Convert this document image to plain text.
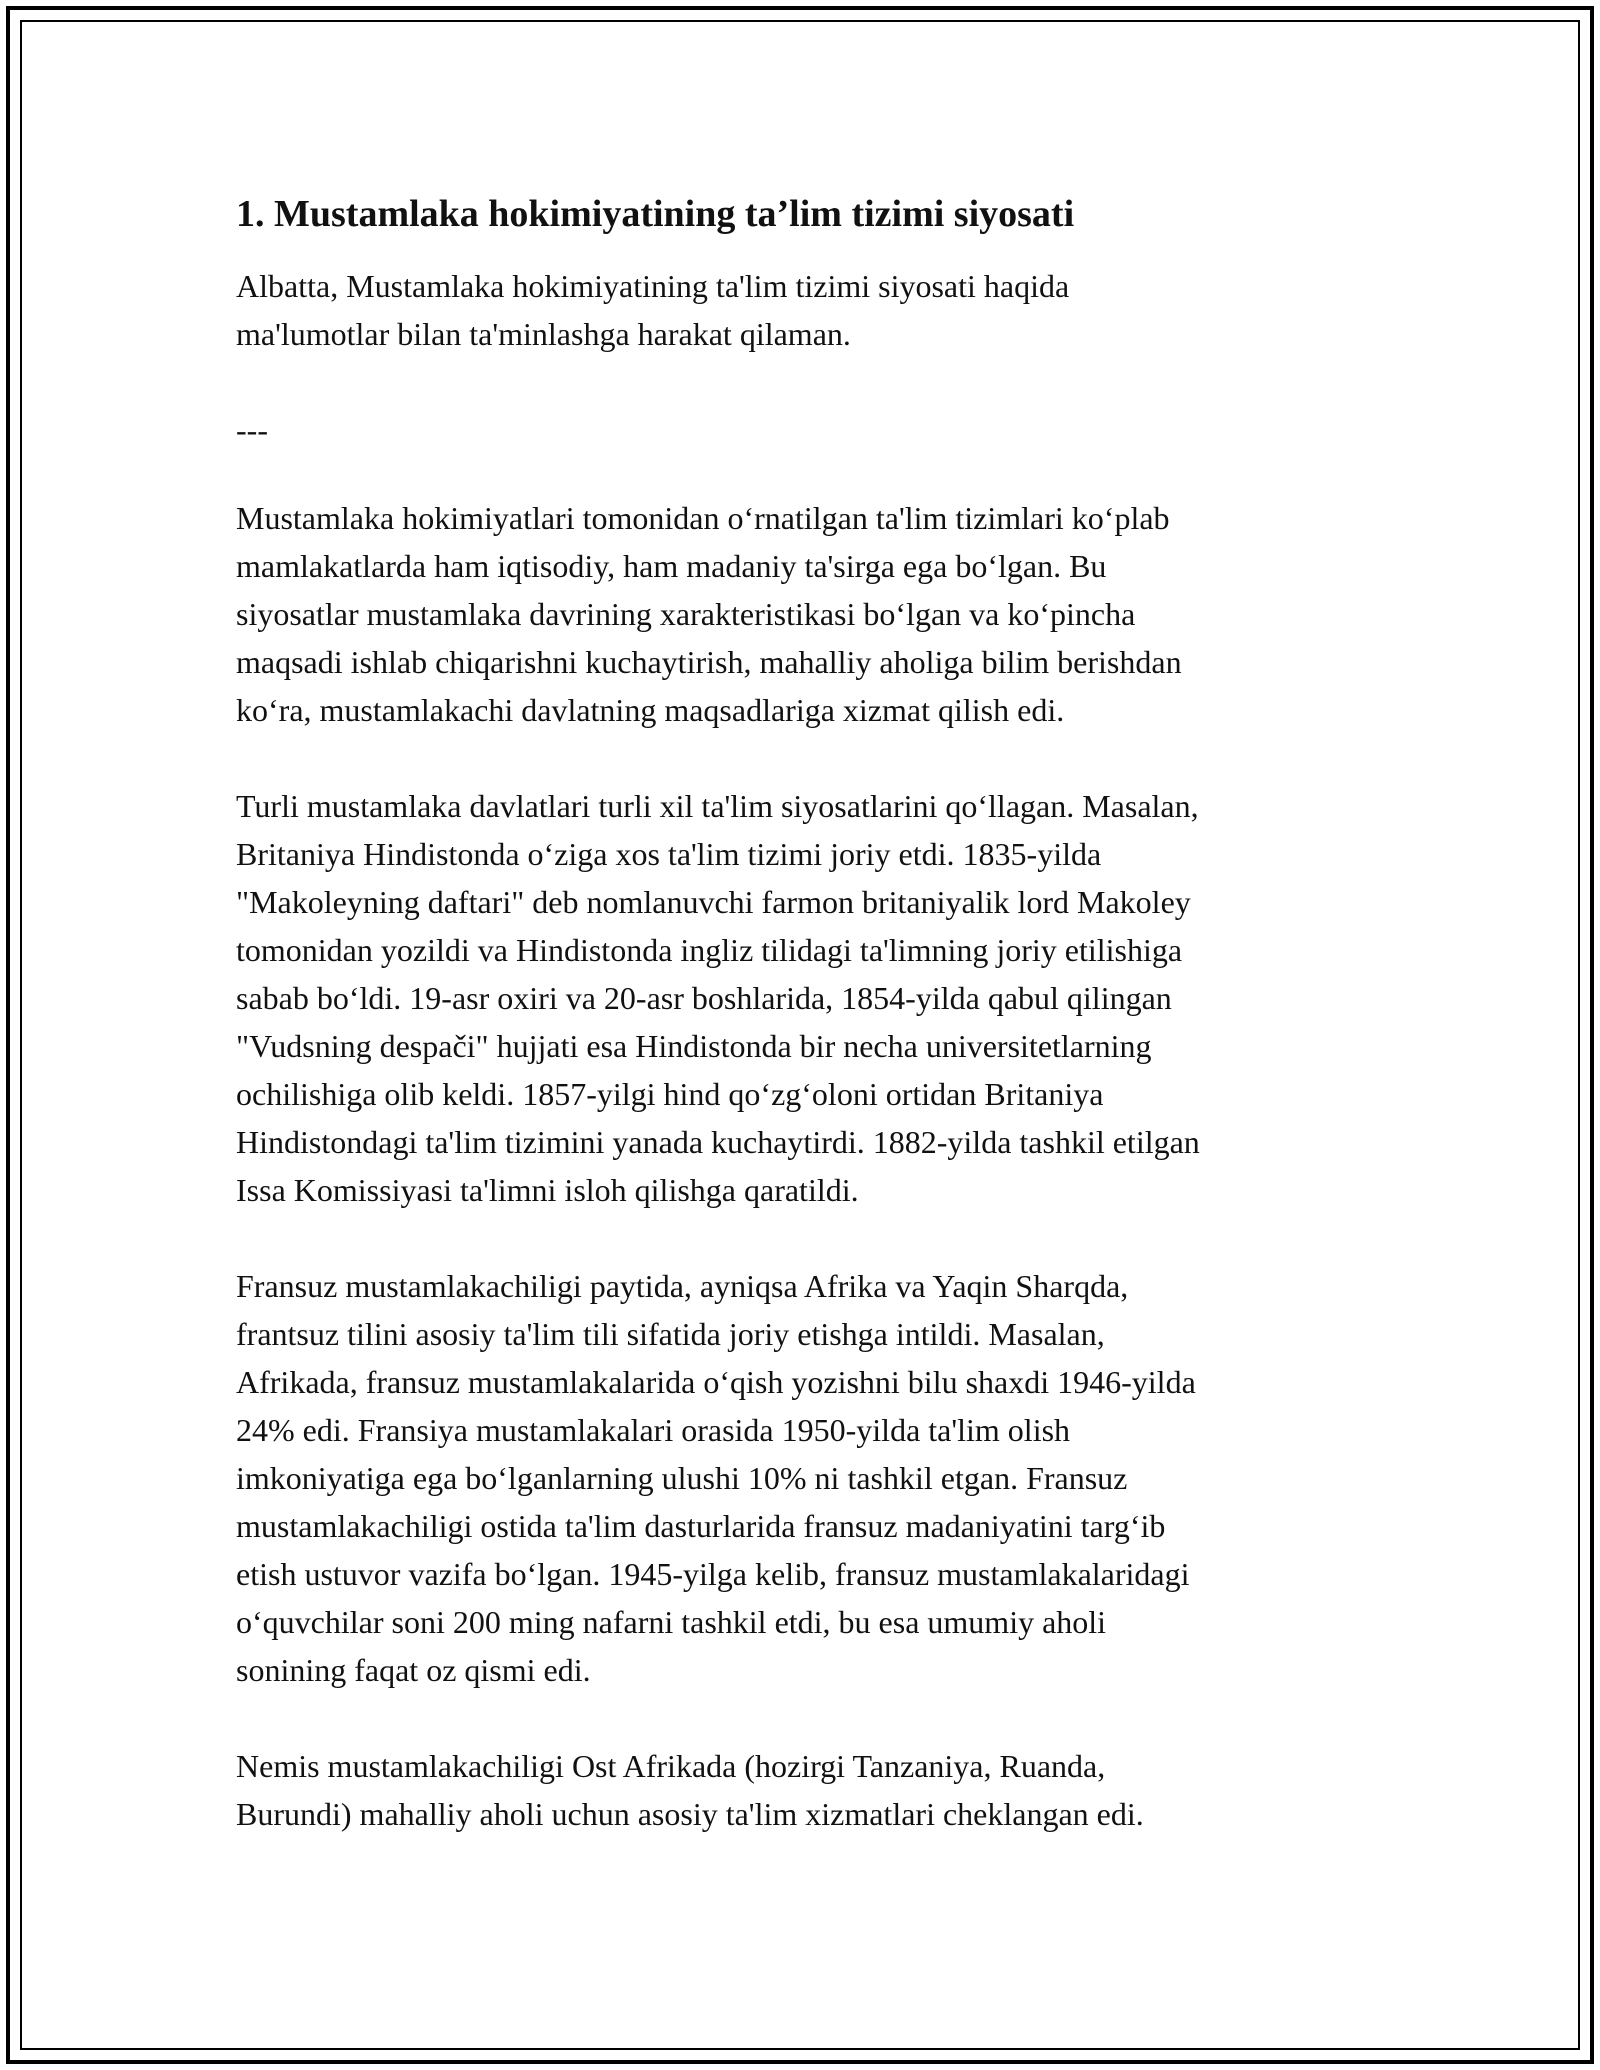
1. Mustamlaka hokimiyatining ta’lim tizimi siyosati

Albatta, Mustamlaka hokimiyatining ta'lim tizimi siyosati haqida
ma'lumotlar bilan ta'minlashga harakat qilaman.

---

Mustamlaka hokimiyatlari tomonidan oʻrnatilgan ta'lim tizimlari koʻplab
mamlakatlarda ham iqtisodiy, ham madaniy ta'sirga ega boʻlgan. Bu
siyosatlar mustamlaka davrining xarakteristikasi boʻlgan va koʻpincha
maqsadi ishlab chiqarishni kuchaytirish, mahalliy aholiga bilim berishdan
koʻra, mustamlakachi davlatning maqsadlariga xizmat qilish edi.

Turli mustamlaka davlatlari turli xil ta'lim siyosatlarini qoʻllagan. Masalan,
Britaniya Hindistonda oʻziga xos ta'lim tizimi joriy etdi. 1835-yilda
"Makoleyning daftari" deb nomlanuvchi farmon britaniyalik lord Makoley
tomonidan yozildi va Hindistonda ingliz tilidagi ta'limning joriy etilishiga
sabab boʻldi. 19-asr oxiri va 20-asr boshlarida, 1854-yilda qabul qilingan
"Vudsning despači" hujjati esa Hindistonda bir necha universitetlarning
ochilishiga olib keldi. 1857-yilgi hind qoʻzgʻoloni ortidan Britaniya
Hindistondagi ta'lim tizimini yanada kuchaytirdi. 1882-yilda tashkil etilgan
Issa Komissiyasi ta'limni isloh qilishga qaratildi.

Fransuz mustamlakachiligi paytida, ayniqsa Afrika va Yaqin Sharqda,
frantsuz tilini asosiy ta'lim tili sifatida joriy etishga intildi. Masalan,
Afrikada, fransuz mustamlakalarida oʻqish yozishni bilu shaxdi 1946-yilda
24% edi. Fransiya mustamlakalari orasida 1950-yilda ta'lim olish
imkoniyatiga ega boʻlganlarning ulushi 10% ni tashkil etgan. Fransuz
mustamlakachiligi ostida ta'lim dasturlarida fransuz madaniyatini targʻib
etish ustuvor vazifa boʻlgan. 1945-yilga kelib, fransuz mustamlakalaridagi
oʻquvchilar soni 200 ming nafarni tashkil etdi, bu esa umumiy aholi
sonining faqat oz qismi edi.

Nemis mustamlakachiligi Ost Afrikada (hozirgi Tanzaniya, Ruanda,
Burundi) mahalliy aholi uchun asosiy ta'lim xizmatlari cheklangan edi.
